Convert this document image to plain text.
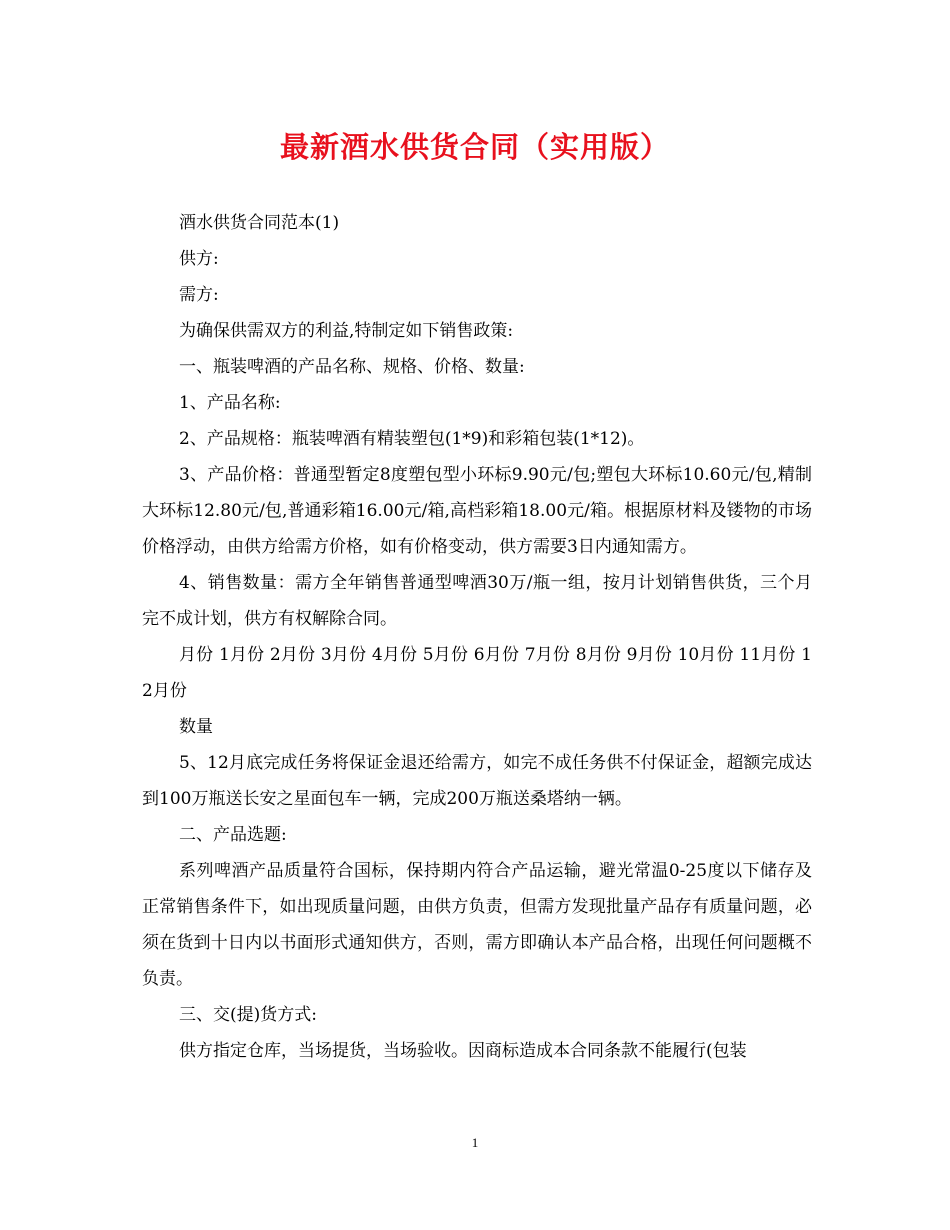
最新酒水供货合同（实用版）

酒水供货合同范本(1)

供方:

需方:

为确保供需双方的利益,特制定如下销售政策:

一、瓶装啤酒的产品名称、规格、价格、数量:

1、产品名称:

2、产品规格：瓶装啤酒有精装塑包(1*9)和彩箱包装(1*12)。

3、产品价格：普通型暂定8度塑包型小环标9.90元/包;塑包大环标10.60元/包,精制大环标12.80元/包,普通彩箱16.00元/箱,高档彩箱18.00元/箱。根据原材料及镂物的市场价格浮动，由供方给需方价格，如有价格变动，供方需要3日内通知需方。

4、销售数量：需方全年销售普通型啤酒30万/瓶一组，按月计划销售供货，三个月完不成计划，供方有权解除合同。

月份 1月份 2月份 3月份 4月份 5月份 6月份 7月份 8月份 9月份 10月份 11月份 12月份

数量

5、12月底完成任务将保证金退还给需方，如完不成任务供不付保证金，超额完成达到100万瓶送长安之星面包车一辆，完成200万瓶送桑塔纳一辆。

二、产品选题:

系列啤酒产品质量符合国标，保持期内符合产品运输，避光常温0-25度以下储存及正常销售条件下，如出现质量问题，由供方负责，但需方发现批量产品存有质量问题，必须在货到十日内以书面形式通知供方，否则，需方即确认本产品合格，出现任何问题概不负责。

三、交(提)货方式:

供方指定仓库，当场提货，当场验收。因商标造成本合同条款不能履行(包装

1
